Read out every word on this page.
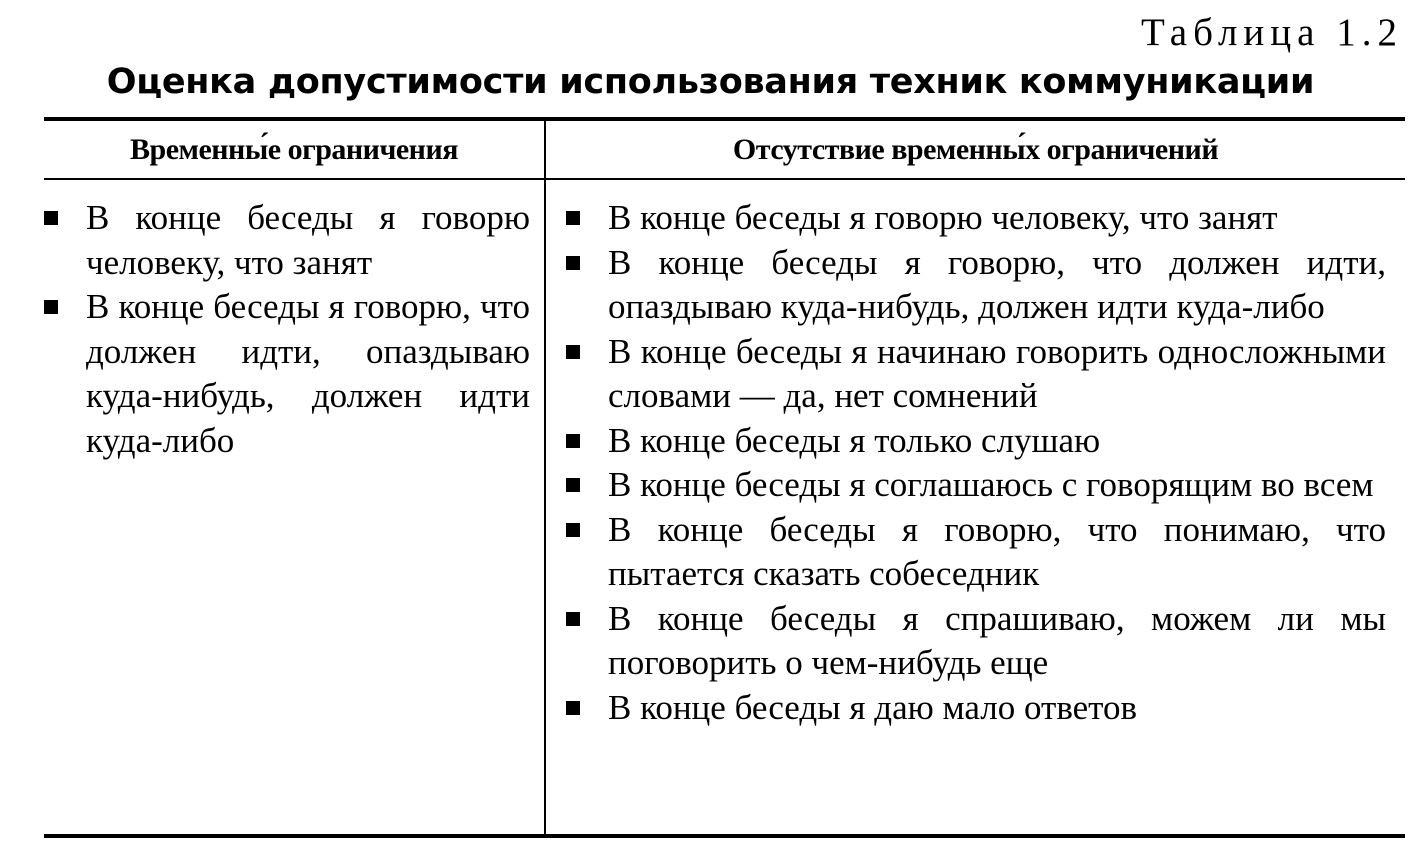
Таблица 1.2
Оценка допустимости использования техник коммуникации
Временны́е ограничения	Отсутствие временны́х ограничений
В конце беседы я говорю человеку, что занят
В конце беседы я говорю, что должен идти, опаздываю куда-нибудь, должен идти куда-либо
В конце беседы я говорю человеку, что занят
В конце беседы я говорю, что должен идти, опаздываю куда-нибудь, должен идти куда-либо
В конце беседы я начинаю говорить односложными словами — да, нет сомнений
В конце беседы я только слушаю
В конце беседы я соглашаюсь с говорящим во всем
В конце беседы я говорю, что понимаю, что пытается сказать собеседник
В конце беседы я спрашиваю, можем ли мы поговорить о чем-нибудь еще
В конце беседы я даю мало ответов
